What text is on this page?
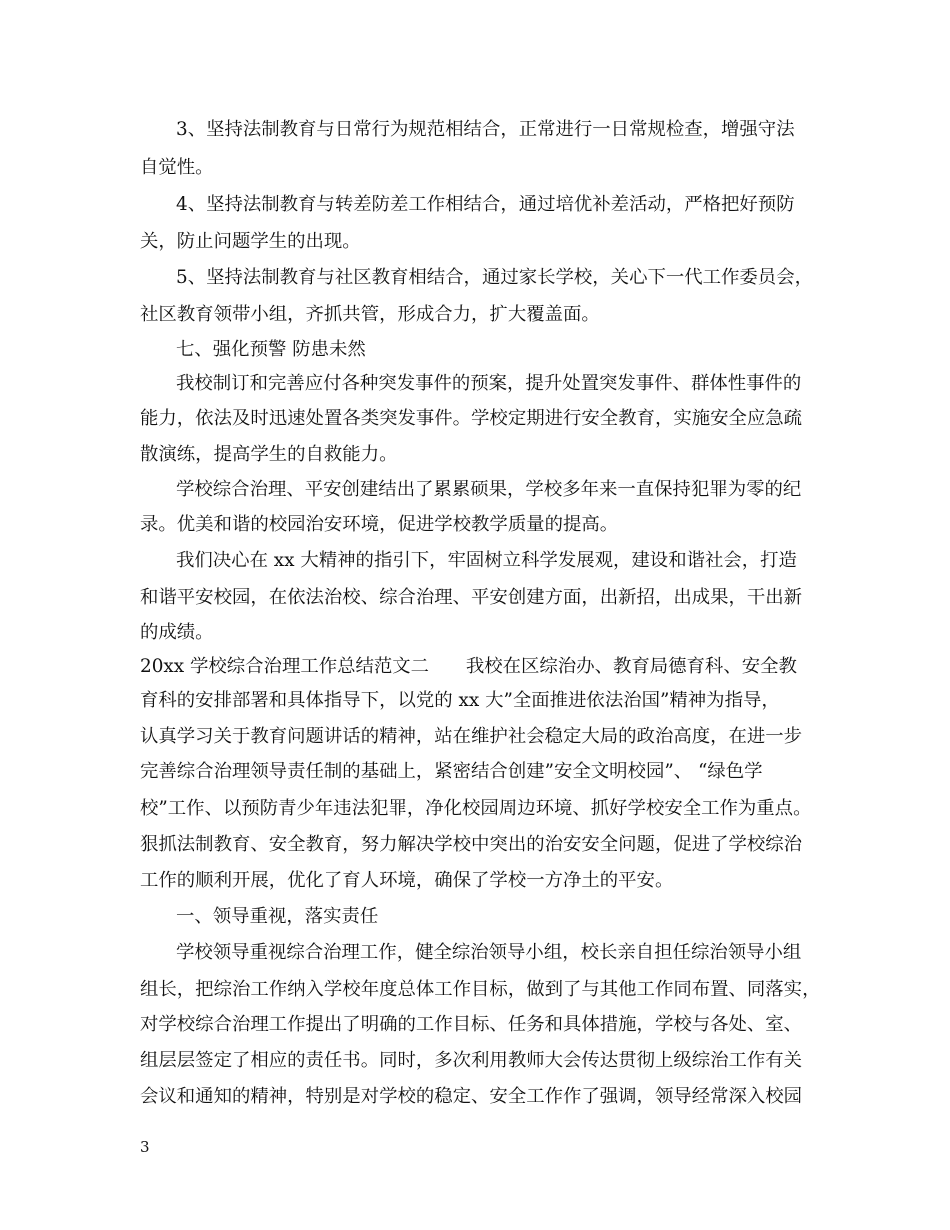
3、坚持法制教育与日常行为规范相结合，正常进行一日常规检查，增强守法
自觉性。
4、坚持法制教育与转差防差工作相结合，通过培优补差活动，严格把好预防
关，防止问题学生的出现。
5、坚持法制教育与社区教育相结合，通过家长学校，关心下一代工作委员会，
社区教育领带小组，齐抓共管，形成合力，扩大覆盖面。
七、强化预警 防患未然
我校制订和完善应付各种突发事件的预案，提升处置突发事件、群体性事件的
能力，依法及时迅速处置各类突发事件。学校定期进行安全教育，实施安全应急疏
散演练，提高学生的自救能力。
学校综合治理、平安创建结出了累累硕果，学校多年来一直保持犯罪为零的纪
录。优美和谐的校园治安环境，促进学校教学质量的提高。
我们决心在 xx 大精神的指引下，牢固树立科学发展观，建设和谐社会，打造
和谐平安校园，在依法治校、综合治理、平安创建方面，出新招，出成果，干出新
的成绩。
20xx 学校综合治理工作总结范文二　　我校在区综治办、教育局德育科、安全教
育科的安排部署和具体指导下，以党的 xx 大”全面推进依法治国”精神为指导，
认真学习关于教育问题讲话的精神，站在维护社会稳定大局的政治高度，在进一步
完善综合治理领导责任制的基础上，紧密结合创建”安全文明校园”、 “绿色学
校”工作、以预防青少年违法犯罪，净化校园周边环境、抓好学校安全工作为重点。
狠抓法制教育、安全教育，努力解决学校中突出的治安安全问题，促进了学校综治
工作的顺利开展，优化了育人环境，确保了学校一方净土的平安。
一、领导重视，落实责任
学校领导重视综合治理工作，健全综治领导小组，校长亲自担任综治领导小组
组长，把综治工作纳入学校年度总体工作目标，做到了与其他工作同布置、同落实，
对学校综合治理工作提出了明确的工作目标、任务和具体措施，学校与各处、室、
组层层签定了相应的责任书。同时，多次利用教师大会传达贯彻上级综治工作有关
会议和通知的精神，特别是对学校的稳定、安全工作作了强调，领导经常深入校园
3
